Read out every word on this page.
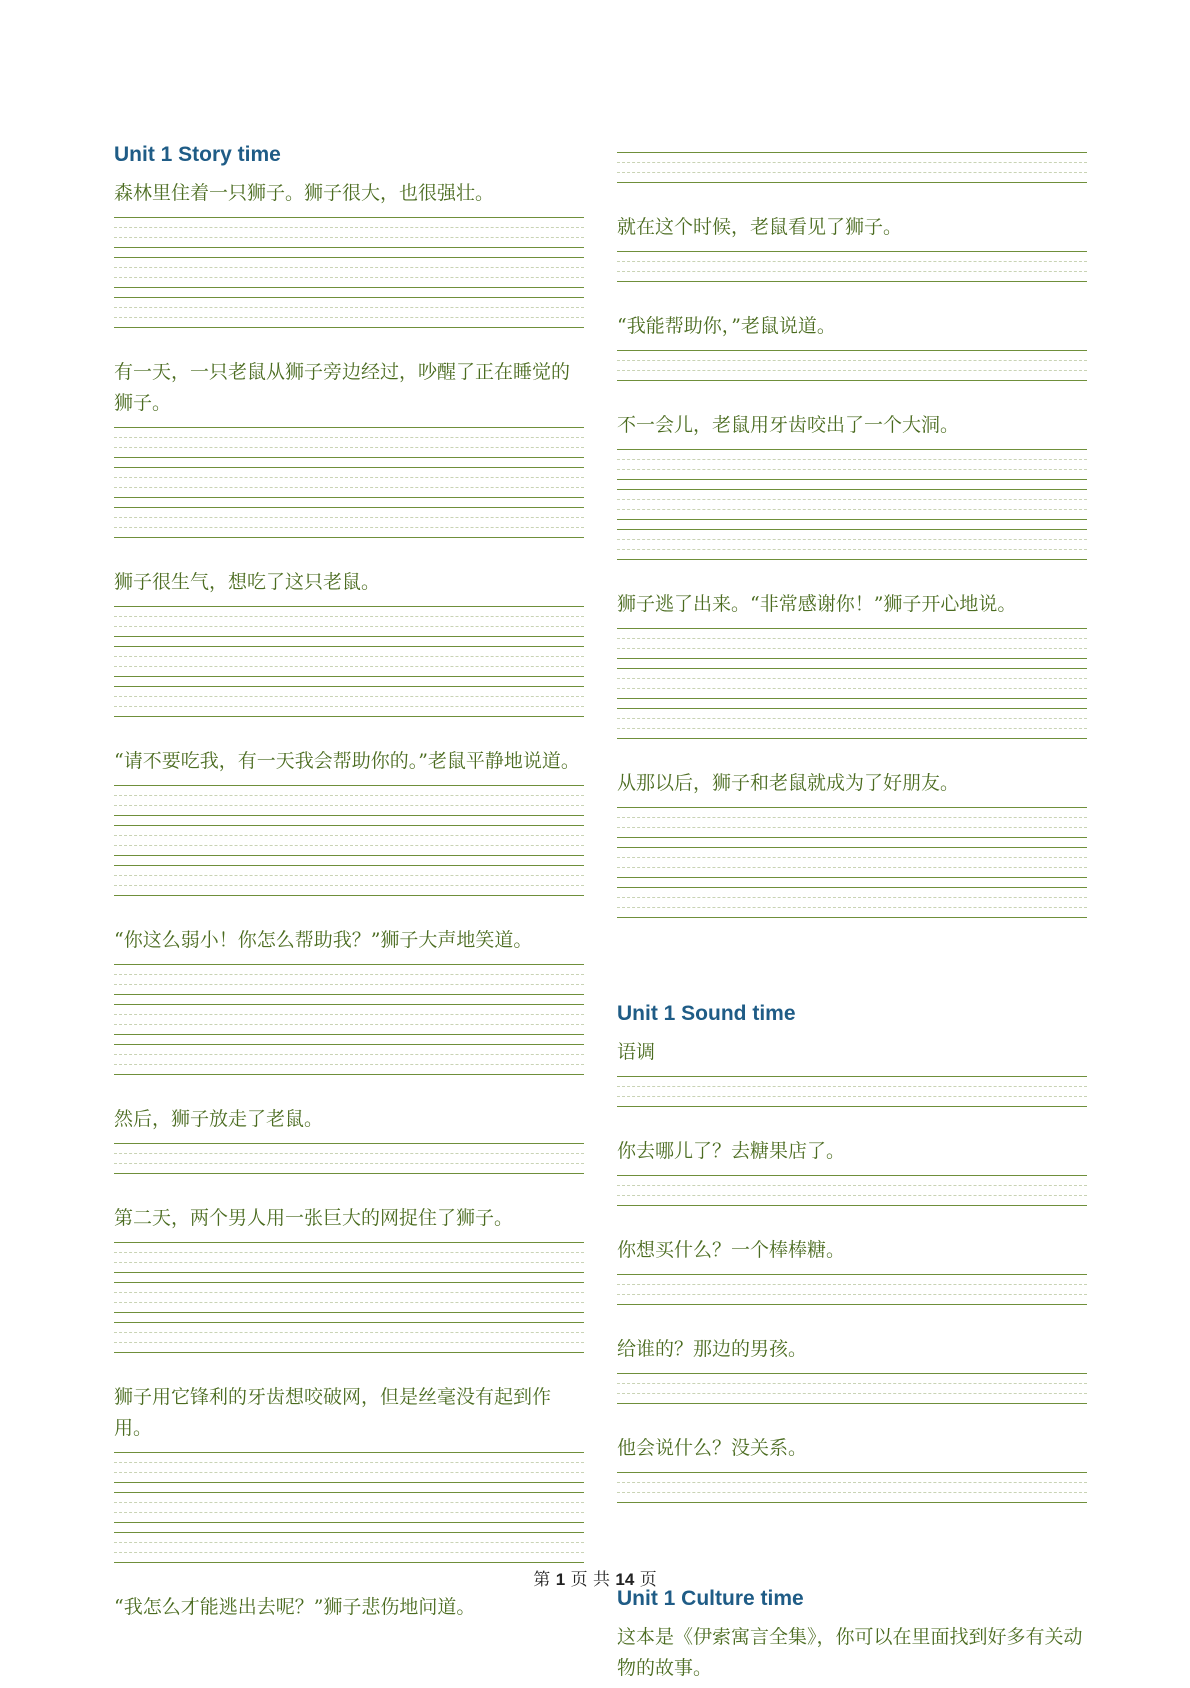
Unit 1 Story time

森林里住着一只狮子。狮子很大，也很强壮。

有一天，一只老鼠从狮子旁边经过，吵醒了正在睡觉的狮子。

狮子很生气，想吃了这只老鼠。

“请不要吃我，有一天我会帮助你的。”老鼠平静地说道。

“你这么弱小！你怎么帮助我？”狮子大声地笑道。

然后，狮子放走了老鼠。

第二天，两个男人用一张巨大的网捉住了狮子。

狮子用它锋利的牙齿想咬破网，但是丝毫没有起到作用。

“我怎么才能逃出去呢？”狮子悲伤地问道。

就在这个时候，老鼠看见了狮子。

“我能帮助你，”老鼠说道。

不一会儿，老鼠用牙齿咬出了一个大洞。

狮子逃了出来。“非常感谢你！”狮子开心地说。

从那以后，狮子和老鼠就成为了好朋友。

Unit 1 Sound time

语调

你去哪儿了？去糖果店了。

你想买什么？一个棒棒糖。

给谁的？那边的男孩。

他会说什么？没关系。

Unit 1 Culture time

这本是《伊索寓言全集》，你可以在里面找到好多有关动物的故事。

第 1 页 共 14 页
